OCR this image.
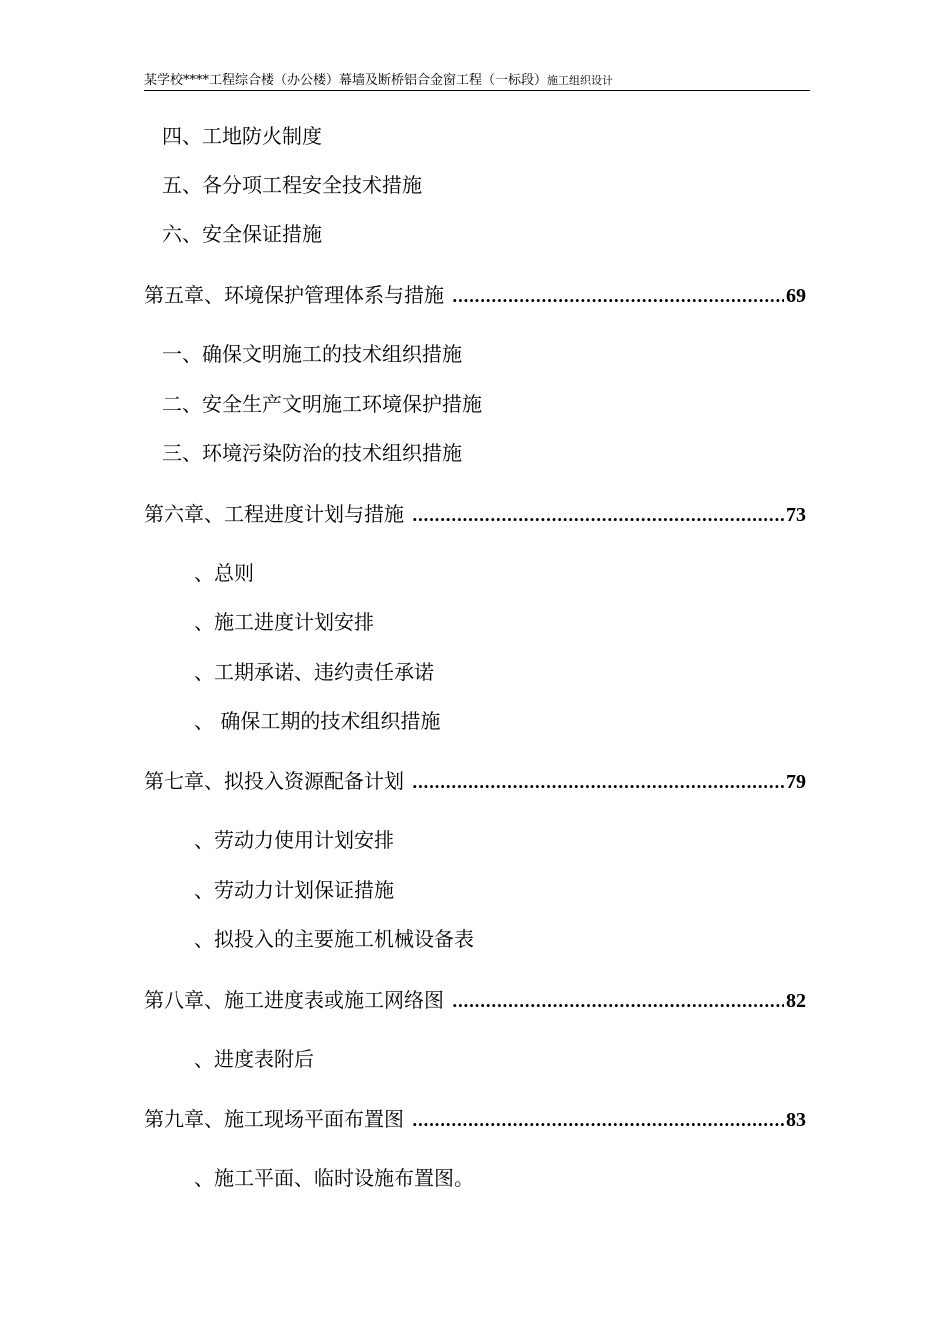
某学校****工程综合楼（办公楼）幕墙及断桥铝合金窗工程（一标段）施工组织设计
四、工地防火制度
五、各分项工程安全技术措施
六、安全保证措施
第五章、环境保护管理体系与措施 .....	69
一、确保文明施工的技术组织措施
二、安全生产文明施工环境保护措施
三、环境污染防治的技术组织措施
第六章、工程进度计划与措施 .....	73
、总则
、施工进度计划安排
、工期承诺、违约责任承诺
、 确保工期的技术组织措施
第七章、拟投入资源配备计划 .....	79
、劳动力使用计划安排
、劳动力计划保证措施
、拟投入的主要施工机械设备表
第八章、施工进度表或施工网络图 .....	82
、进度表附后
第九章、施工现场平面布置图 .....	83
、施工平面、临时设施布置图。
